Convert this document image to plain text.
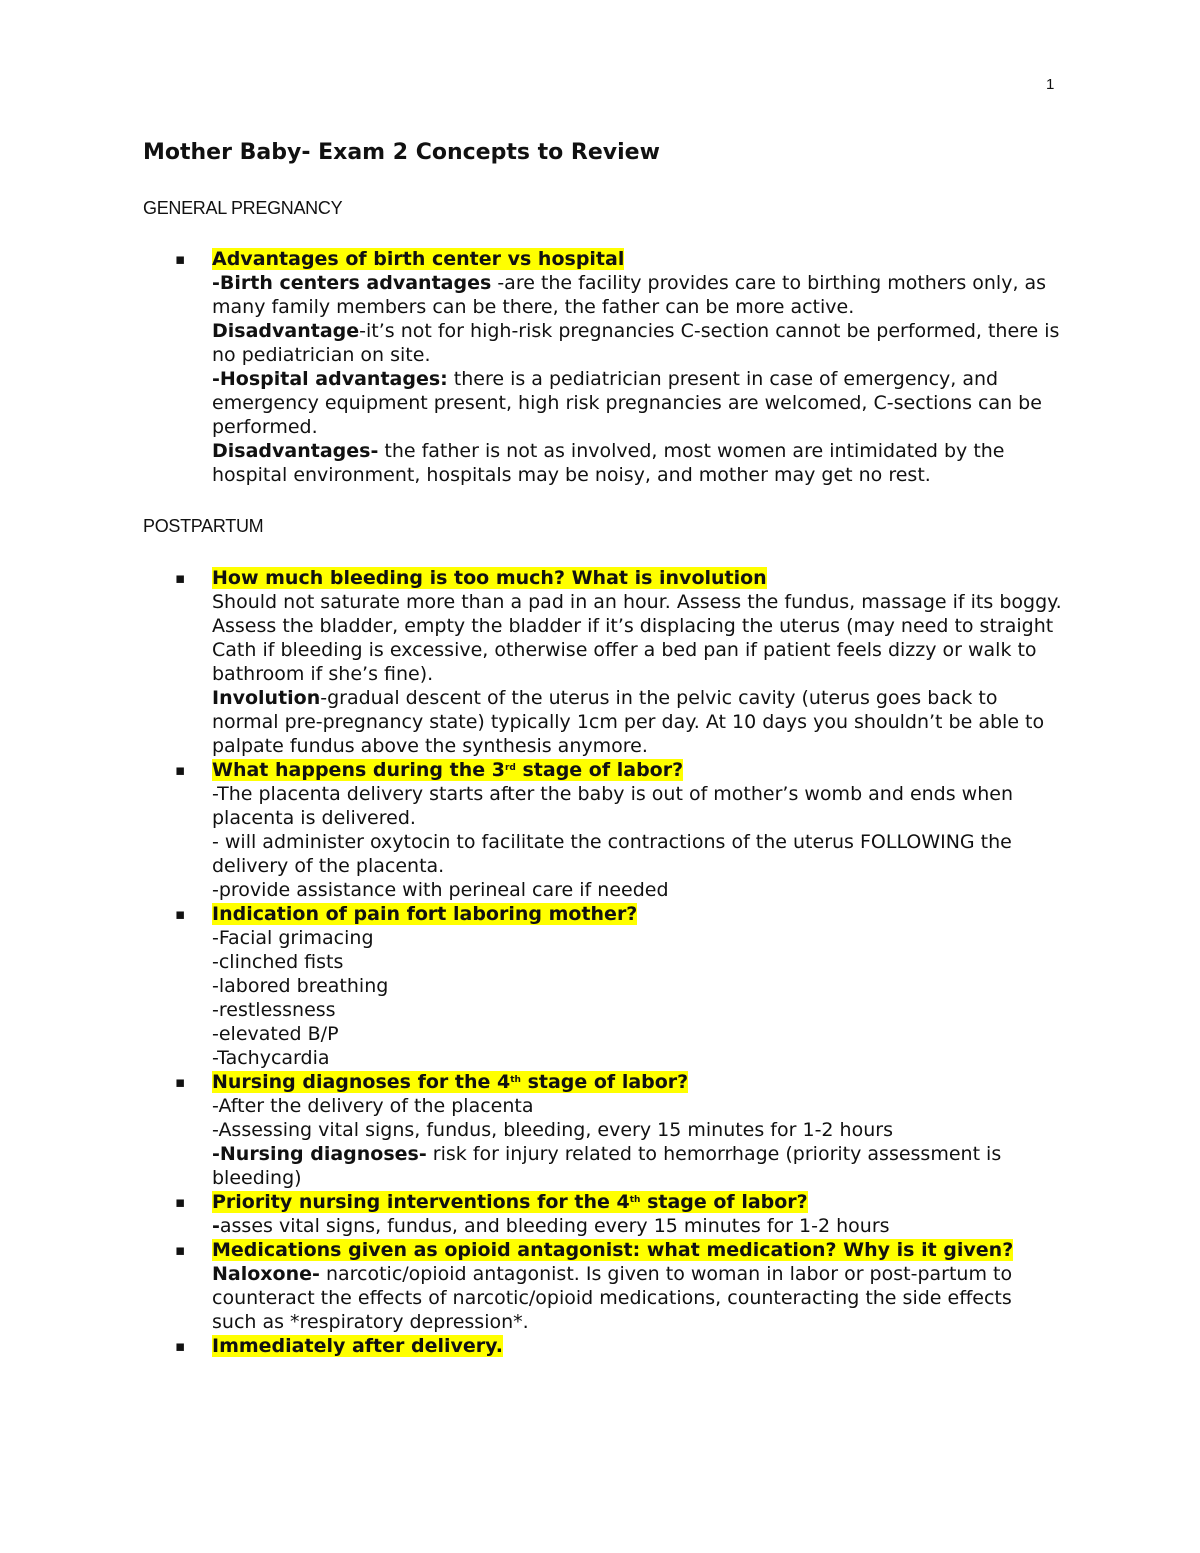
1
Mother Baby- Exam 2 Concepts to Review
GENERAL PREGNANCY
▪ Advantages of birth center vs hospital
-Birth centers advantages -are the facility provides care to birthing mothers only, as many family members can be there, the father can be more active.
Disadvantage-it’s not for high-risk pregnancies C-section cannot be performed, there is no pediatrician on site.
-Hospital advantages: there is a pediatrician present in case of emergency, and emergency equipment present, high risk pregnancies are welcomed, C-sections can be performed.
Disadvantages- the father is not as involved, most women are intimidated by the hospital environment, hospitals may be noisy, and mother may get no rest.
POSTPARTUM
▪ How much bleeding is too much? What is involution
Should not saturate more than a pad in an hour. Assess the fundus, massage if its boggy. Assess the bladder, empty the bladder if it’s displacing the uterus (may need to straight Cath if bleeding is excessive, otherwise offer a bed pan if patient feels dizzy or walk to bathroom if she’s fine).
Involution-gradual descent of the uterus in the pelvic cavity (uterus goes back to normal pre-pregnancy state) typically 1cm per day. At 10 days you shouldn’t be able to palpate fundus above the synthesis anymore.
▪ What happens during the 3rd stage of labor?
-The placenta delivery starts after the baby is out of mother’s womb and ends when placenta is delivered.
- will administer oxytocin to facilitate the contractions of the uterus FOLLOWING the delivery of the placenta.
-provide assistance with perineal care if needed
▪ Indication of pain fort laboring mother?
-Facial grimacing
-clinched fists
-labored breathing
-restlessness
-elevated B/P
-Tachycardia
▪ Nursing diagnoses for the 4th stage of labor?
-After the delivery of the placenta
-Assessing vital signs, fundus, bleeding, every 15 minutes for 1-2 hours
-Nursing diagnoses- risk for injury related to hemorrhage (priority assessment is bleeding)
▪ Priority nursing interventions for the 4th stage of labor?
-asses vital signs, fundus, and bleeding every 15 minutes for 1-2 hours
▪ Medications given as opioid antagonist: what medication? Why is it given?
Naloxone- narcotic/opioid antagonist. Is given to woman in labor or post-partum to counteract the effects of narcotic/opioid medications, counteracting the side effects such as *respiratory depression*.
▪ Immediately after delivery.
